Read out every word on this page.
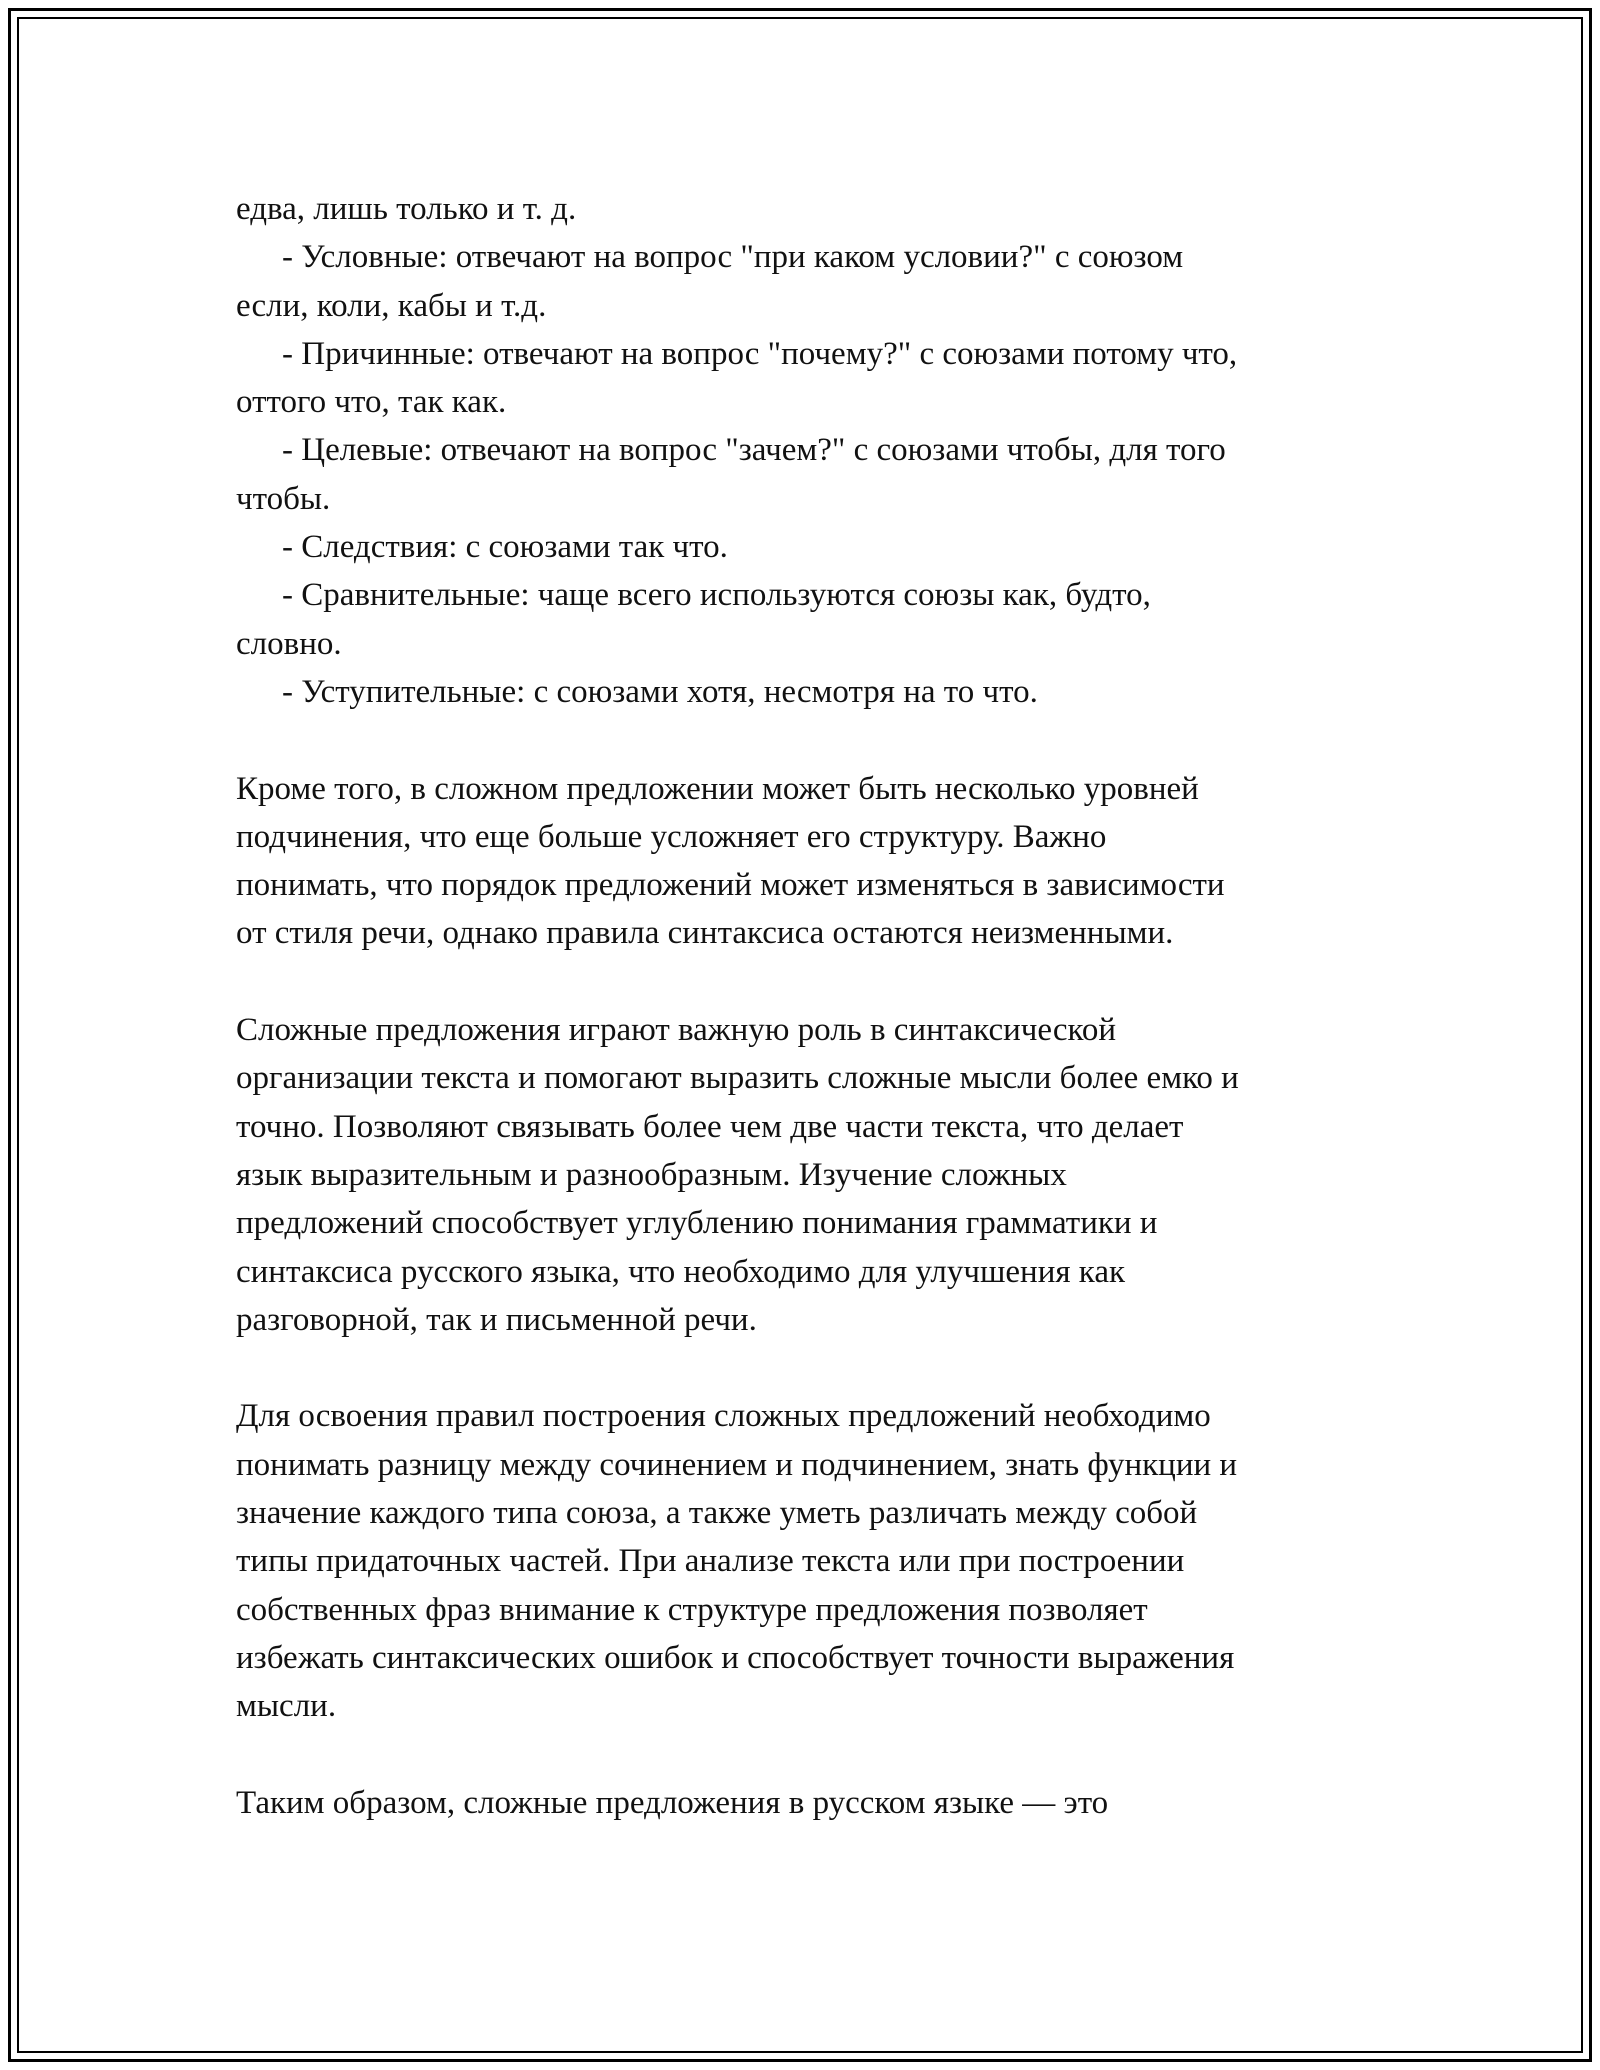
едва, лишь только и т. д.
- Условные: отвечают на вопрос "при каком условии?" с союзом
если, коли, кабы и т.д.
- Причинные: отвечают на вопрос "почему?" с союзами потому что,
оттого что, так как.
- Целевые: отвечают на вопрос "зачем?" с союзами чтобы, для того
чтобы.
- Следствия: с союзами так что.
- Сравнительные: чаще всего используются союзы как, будто,
словно.
- Уступительные: с союзами хотя, несмотря на то что.
Кроме того, в сложном предложении может быть несколько уровней
подчинения, что еще больше усложняет его структуру. Важно
понимать, что порядок предложений может изменяться в зависимости
от стиля речи, однако правила синтаксиса остаются неизменными.
Сложные предложения играют важную роль в синтаксической
организации текста и помогают выразить сложные мысли более емко и
точно. Позволяют связывать более чем две части текста, что делает
язык выразительным и разнообразным. Изучение сложных
предложений способствует углублению понимания грамматики и
синтаксиса русского языка, что необходимо для улучшения как
разговорной, так и письменной речи.
Для освоения правил построения сложных предложений необходимо
понимать разницу между сочинением и подчинением, знать функции и
значение каждого типа союза, а также уметь различать между собой
типы придаточных частей. При анализе текста или при построении
собственных фраз внимание к структуре предложения позволяет
избежать синтаксических ошибок и способствует точности выражения
мысли.
Таким образом, сложные предложения в русском языке — это
